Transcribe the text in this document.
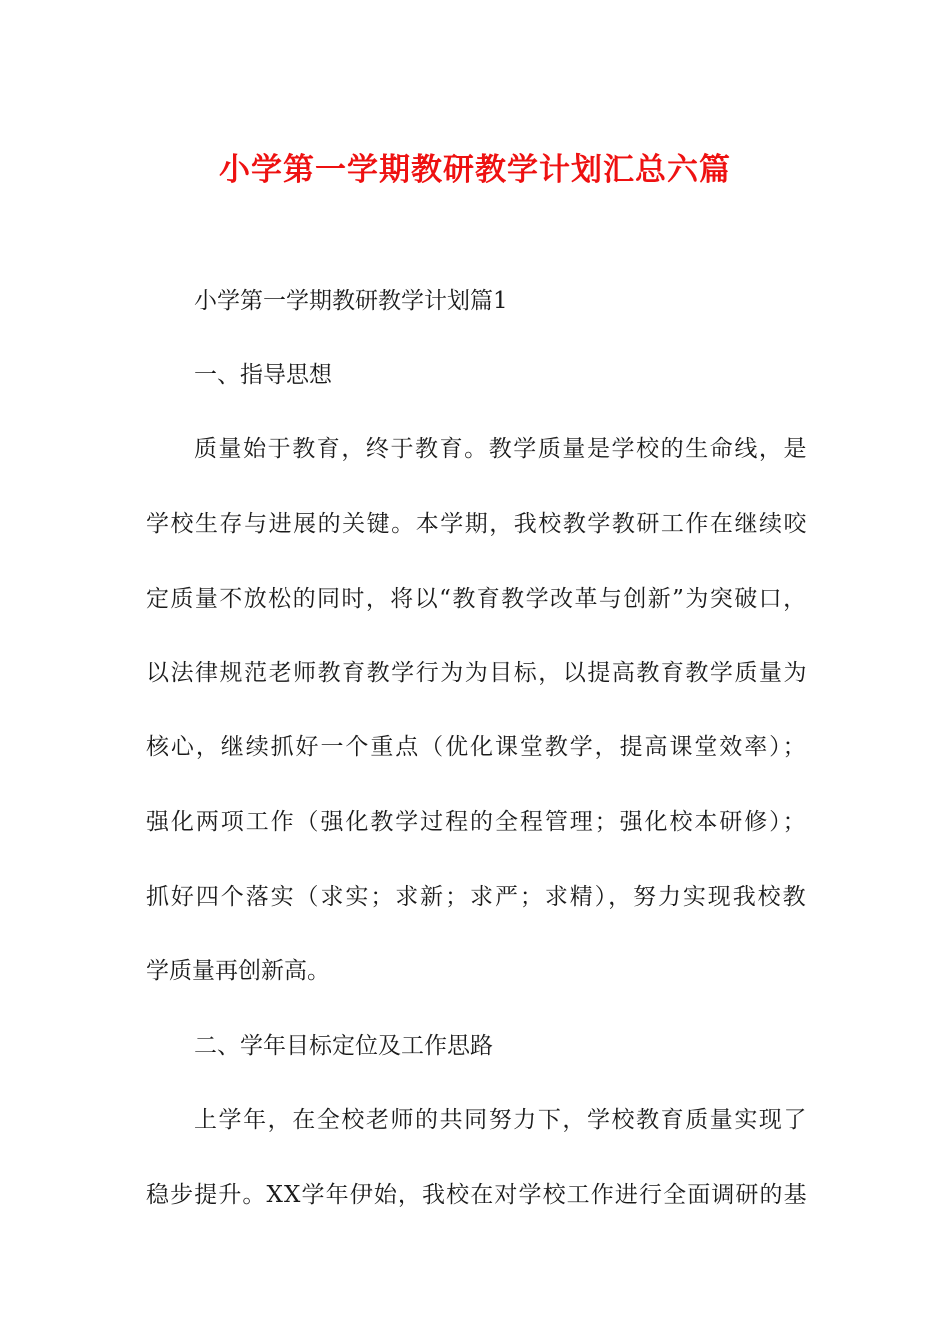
小学第一学期教研教学计划汇总六篇
小学第一学期教研教学计划篇1
一、指导思想
质量始于教育，终于教育。教学质量是学校的生命线，是
学校生存与进展的关键。本学期，我校教学教研工作在继续咬
定质量不放松的同时，将以“教育教学改革与创新”为突破口，
以法律规范老师教育教学行为为目标，以提高教育教学质量为
核心，继续抓好一个重点（优化课堂教学，提高课堂效率）；
强化两项工作（强化教学过程的全程管理；强化校本研修）；
抓好四个落实（求实；求新；求严；求精），努力实现我校教
学质量再创新高。
二、学年目标定位及工作思路
上学年，在全校老师的共同努力下，学校教育质量实现了
稳步提升。XX学年伊始，我校在对学校工作进行全面调研的基
